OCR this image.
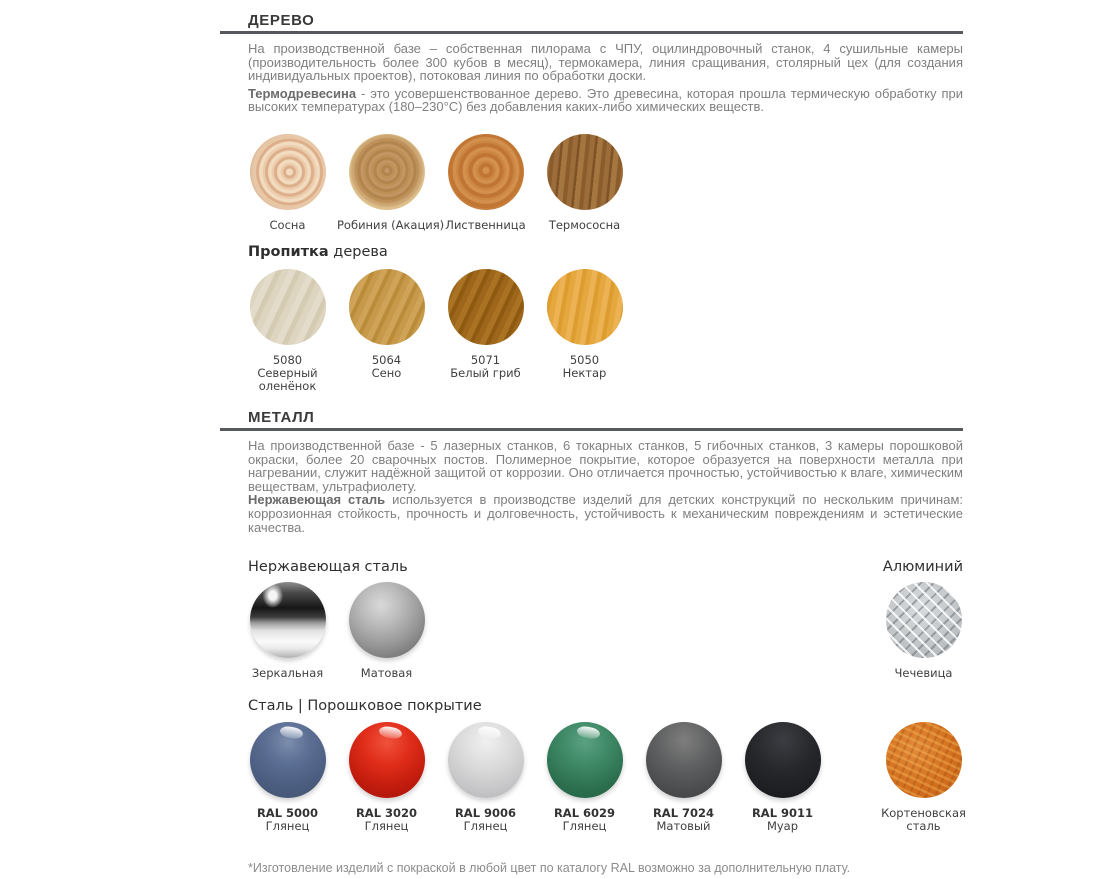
ДЕРЕВО

На производственной базе – собственная пилорама с ЧПУ, оцилиндровочный станок, 4 сушильные камеры (производительность более 300 кубов в месяц), термокамера, линия сращивания, столярный цех (для создания индивидуальных проектов), потоковая линия по обработки доски.

Термодревесина - это усовершенствованное дерево. Это древесина, которая прошла термическую обработку при высоких температурах (180–230°С) без добавления каких-либо химических веществ.

Сосна	Робиния (Акация) Лиственница	Термососна
Пропитка дерева
5080
Северный оленёнок
5064
Сено
5071
Белый гриб
5050
Нектар
МЕТАЛЛ

На производственной базе - 5 лазерных станков, 6 токарных станков, 5 гибочных станков, 3 камеры порошковой окраски, более 20 сварочных постов. Полимерное покрытие, которое образуется на поверхности металла при нагревании, служит надёжной защитой от коррозии. Оно отличается прочностью, устойчивостью к влаге, химическим веществам, ультрафиолету.

Нержавеющая сталь используется в производстве изделий для детских конструкций по нескольким причинам: коррозионная стойкость, прочность и долговечность, устойчивость к механическим повреждениям и эстетические качества.

Нержавеющая сталь	Алюминий
Зеркальная	Матовая	Чечевица
Сталь | Порошковое покрытие
RAL 5000
Глянец
RAL 3020
Глянец
RAL 9006
Глянец
RAL 6029
Глянец
RAL 7024
Матовый
RAL 9011
Муар
Кортеновская сталь

*Изготовление изделий с покраской в любой цвет по каталогу RAL возможно за дополнительную плату.
